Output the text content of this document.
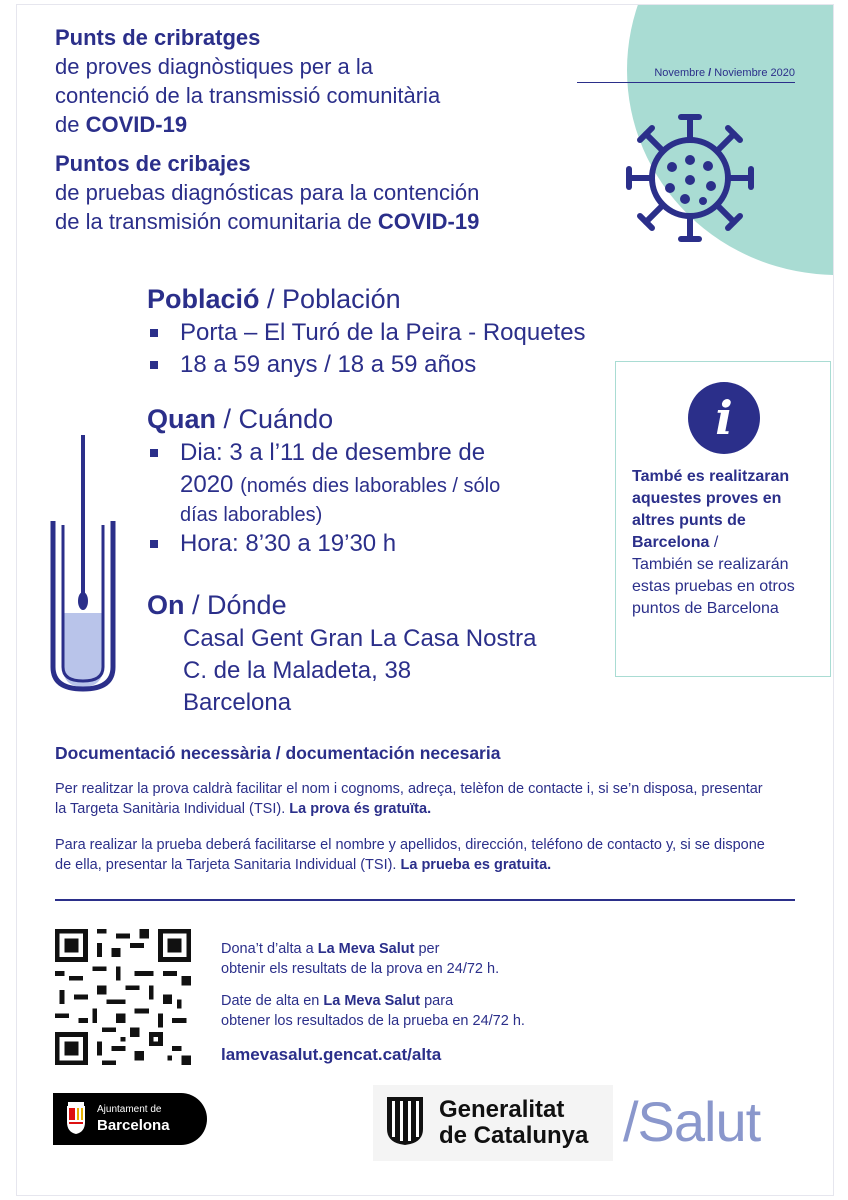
Punts de cribratges
de proves diagnòstiques per a la
contenció de la transmissió comunitària
de COVID-19
Puntos de cribajes
de pruebas diagnósticas para la contención
de la transmisión comunitaria de COVID-19
Novembre / Noviembre 2020
Població / Población
Porta – El Turó de la Peira - Roquetes
18 a 59 anys / 18 a 59 años
Quan / Cuándo
Dia: 3 a l’11 de desembre de
2020 (només dies laborables / sólo
días laborables)
Hora: 8’30 a 19’30 h
On / Dónde
Casal Gent Gran La Casa Nostra
C. de la Maladeta, 38
Barcelona
i
També es realitzaran aquestes proves en altres punts de Barcelona /
También se realizarán estas pruebas en otros puntos de Barcelona
Documentació necessària / documentación necesaria
Per realitzar la prova caldrà facilitar el nom i cognoms, adreça, telèfon de contacte i, si se’n disposa, presentar la Targeta Sanitària Individual (TSI). La prova és gratuïta.
Para realizar la prueba deberá facilitarse el nombre y apellidos, dirección, teléfono de contacto y, si se dispone de ella, presentar la Tarjeta Sanitaria Individual (TSI). La prueba es gratuita.
Dona’t d’alta a La Meva Salut per
obtenir els resultats de la prova en 24/72 h.
Date de alta en La Meva Salut para
obtener los resultados de la prueba en 24/72 h.
lamevasalut.gencat.cat/alta
Ajuntament de
Barcelona
Generalitat
de Catalunya /Salut
